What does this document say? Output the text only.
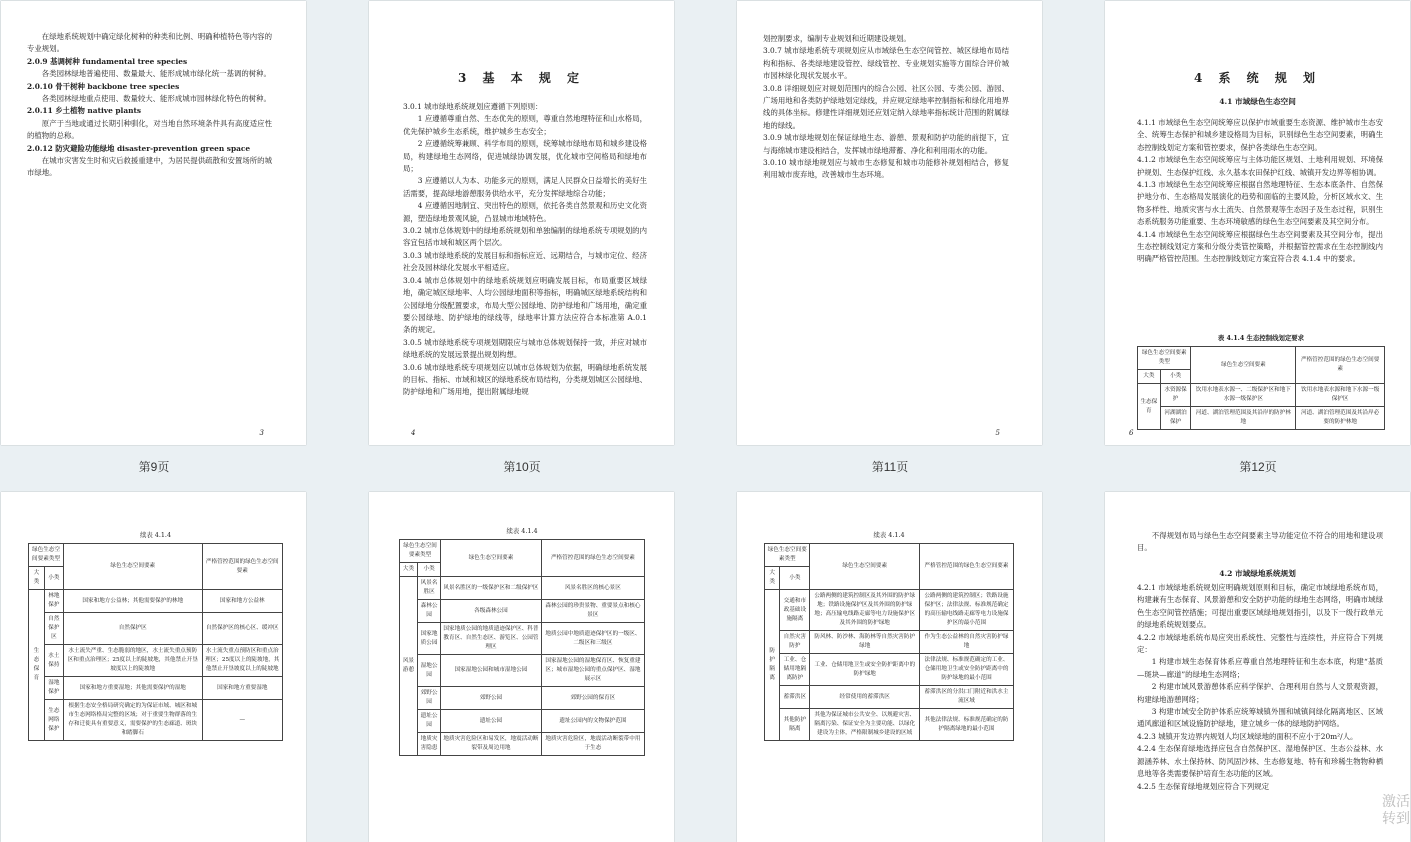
在绿地系统规划中确定绿化树种的种类和比例、明确种植特色等内容的专业规划。

2.0.9 基调树种 fundamental tree species

各类园林绿地普遍使用、数量最大、能形成城市绿化统一基调的树种。

2.0.10 骨干树种 backbone tree species

各类园林绿地重点使用、数量较大、能形成城市园林绿化特色的树种。

2.0.11 乡土植物 native plants

原产于当地或通过长期引种驯化，对当地自然环境条件具有高度适应性的植物的总称。

2.0.12 防灾避险功能绿地 disaster-prevention green space

在城市灾害发生时和灾后救援重建中，为居民提供疏散和安置场所的城市绿地。

3
第9页
3 基 本 规 定

3.0.1 城市绿地系统规划应遵循下列原则：

1 应遵循尊重自然、生态优先的原则，尊重自然地理特征和山水格局，优先保护城乡生态系统，维护城乡生态安全；

2 应遵循统筹兼顾、科学布局的原则，统筹城市绿地布局和城乡建设格局，构建绿地生态网络，促进城绿协调发展，优化城市空间格局和绿地布局；

3 应遵循以人为本、功能多元的原则，满足人民群众日益增长的美好生活需要，提高绿地游憩服务供给水平，充分发挥绿地综合功能；

4 应遵循因地制宜、突出特色的原则，依托各类自然景观和历史文化资源，塑造绿地景观风貌，凸显城市地域特色。

3.0.2 城市总体规划中的绿地系统规划和单独编制的绿地系统专项规划的内容宜包括市域和城区两个层次。

3.0.3 城市绿地系统的发展目标和指标应近、远期结合，与城市定位、经济社会及园林绿化发展水平相适应。

3.0.4 城市总体规划中的绿地系统规划应明确发展目标，布局重要区域绿地，确定城区绿地率、人均公园绿地面积等指标，明确城区绿地系统结构和公园绿地分级配置要求，布局大型公园绿地、防护绿地和广场用地，确定重要公园绿地、防护绿地的绿线等，绿地率计算方法应符合本标准第 A.0.1 条的规定。

3.0.5 城市绿地系统专项规划期限应与城市总体规划保持一致，并应对城市绿地系统的发展远景提出规划构想。

3.0.6 城市绿地系统专项规划应以城市总体规划为依据，明确绿地系统发展的目标、指标、市域和城区的绿地系统布局结构，分类规划城区公园绿地、防护绿地和广场用地，提出附属绿地规

4
第10页

划控制要求，编制专业规划和近期建设规划。

3.0.7 城市绿地系统专项规划应从市域绿色生态空间管控、城区绿地布局结构和指标、各类绿地建设管控、绿线管控、专业规划实施等方面综合评价城市园林绿化现状发展水平。

3.0.8 详细规划应对规划范围内的综合公园、社区公园、专类公园、游园、广场用地和各类防护绿地划定绿线，并应规定绿地率控制指标和绿化用地界线的具体坐标。修建性详细规划还应划定纳入绿地率指标统计范围的附属绿地的绿线。

3.0.9 城市绿地规划在保证绿地生态、游憩、景观和防护功能的前提下，宜与海绵城市建设相结合，发挥城市绿地滞蓄、净化和利用雨水的功能。

3.0.10 城市绿地规划应与城市生态修复和城市功能修补规划相结合，修复利用城市废弃地，改善城市生态环境。

5
第11页
4 系 统 规 划
4.1 市域绿色生态空间

4.1.1 市域绿色生态空间统筹应以保护市域重要生态资源、维护城市生态安全、统筹生态保护和城乡建设格局为目标，识别绿色生态空间要素，明确生态控制线划定方案和管控要求，保护各类绿色生态空间。

4.1.2 市域绿色生态空间统筹应与主体功能区规划、土地利用规划、环境保护规划、生态保护红线、永久基本农田保护红线、城镇开发边界等相协调。

4.1.3 市域绿色生态空间统筹应根据自然地理特征、生态本底条件、自然保护地分布、生态格局发展演化的趋势和面临的主要风险，分析区域水文、生物多样性、地质灾害与水土流失、自然景观等生态因子及生态过程，识别生态系统服务功能重要、生态环境敏感的绿色生态空间要素及其空间分布。

4.1.4 市域绿色生态空间统筹应根据绿色生态空间要素及其空间分布，提出生态控制线划定方案和分级分类管控策略，并根据管控需求在生态控制线内明确严格管控范围。生态控制线划定方案宜符合表 4.1.4 中的要求。

表 4.1.4 生态控制线划定要求
绿色生态空间要素类型		绿色生态空间要素	严格管控范围的绿色生态空间要素
大类	小类		
生态保育	水资源保护	饮用水地表水源一、二级保护区和地下水源一级保护区	饮用水地表水源和地下水源一级保护区
	河湖湖泊保护	河道、湖泊管理范围及其沿岸的防护林地	河道、湖泊管理范围及其沿岸必要的防护林地
6
第12页
续表 4.1.4
绿色生态空间要素类型		绿色生态空间要素	严格管控范围的绿色生态空间要素
大类	小类		
生态保育	林地保护	国家和地方公益林；其他需要保护的林地	国家和地方公益林
	自然保护区	自然保护区	自然保护区的核心区、缓冲区
	水土保持	水土流失严重、生态脆弱的地区，水土流失重点预防区和重点治理区；25度以上的陡坡地，其他禁止开垦坡度以上的陡坡地	水土流失重点预防区和重点治理区；25度以上的陡坡地，其他禁止开垦坡度以上的陡坡地
	湿地保护	国家和地方重要湿地；其他需要保护的湿地	国家和地方重要湿地
	生态网络保护	根据生态安全格局研究确定的为保证市域、城区和城市生态网络格局完整的区域；对于重要生物群落的生存和迁徙具有重要意义，需要保护的生态廊道、斑块和踏脚石	—
续表 4.1.4
绿色生态空间要素类型		绿色生态空间要素	严格管控范围的绿色生态空间要素
大类	小类		
风景游憩	风景名胜区	风景名胜区的一级保护区和二级保护区	风景名胜区的核心景区
	森林公园	各级森林公园	森林公园的珍贵景物、重要景点和核心景区
	国家地质公园	国家地质公园的地质遗迹保护区、科普教育区、自然生态区、游览区、公园管理区	地质公园中地质遗迹保护区的一级区、二级区和三级区
	湿地公园	国家湿地公园和城市湿地公园	国家湿地公园的湿地保育区、恢复重建区；城市湿地公园的重点保护区、湿地展示区
	郊野公园	郊野公园	郊野公园的保育区
	遗址公园	遗址公园	遗址公园内的文物保护范围
	地质灾害隐患	地质灾害危险区和易发区，地震活动断裂带及周边用地	地质灾害危险区，地震活动断裂带中用于生态
续表 4.1.4
绿色生态空间要素类型		绿色生态空间要素	严格管控范围的绿色生态空间要素
大类	小类		
防护隔离	交通和市政基础设施隔离	公路两侧的建筑控制区及其外围的防护绿地；铁路设施保护区及其外围的防护绿地；高压输电线路走廊等电力设施保护区及其外围的防护绿地	公路两侧的建筑控制区；铁路设施保护区；法律法规、标准规范确定的高压输电线路走廊等电力设施保护区的最小范围
	自然灾害防护	防风林、防沙林、海防林等自然灾害防护绿地	作为生态公益林的自然灾害防护绿地
	工业、仓储用地隔离防护	工业、仓储用地卫生或安全防护距离中的防护绿地	法律法规、标准规范确定的工业、仓储用地卫生或安全防护距离中的防护绿地的最小范围
	蓄滞洪区	经常使用的蓄滞洪区	蓄滞洪区的分洪口门附近和洪水主流区域
	其他防护隔离	其他为保证城市公共安全、以规避灾害、隔离污染、保证安全为主要功能、以绿化建设为主体，严格限制城乡建设的区域	其他法律法规、标准规范确定的防护隔离绿地的最小范围

不得规划布局与绿色生态空间要素主导功能定位不符合的用地和建设项目。

4.2 市域绿地系统规划

4.2.1 市域绿地系统规划应明确规划原则和目标，确定市域绿地系统布局，构建兼有生态保育、风景游憩和安全防护功能的绿地生态网络，明确市域绿色生态空间管控措施；可提出重要区域绿地规划指引，以及下一级行政单元的绿地系统规划要点。

4.2.2 市域绿地系统布局应突出系统性、完整性与连续性，并应符合下列规定：

1 构建市域生态保育体系应尊重自然地理特征和生态本底，构建“基质—斑块—廊道”的绿地生态网络；

2 构建市域风景游憩体系应科学保护、合理利用自然与人文景观资源，构建绿地游憩网络；

3 构建市域安全防护体系应统筹城镇外围和城镇间绿化隔离地区、区域通风廊道和区域设施防护绿地，建立城乡一体的绿地防护网络。

4.2.3 城镇开发边界内规划人均区域绿地的面积不应小于20m²/人。

4.2.4 生态保育绿地选择应包含自然保护区、湿地保护区、生态公益林、水源涵养林、水土保持林、防风固沙林、生态修复地、特有和珍稀生物物种栖息地等各类需要保护培育生态功能的区域。

4.2.5 生态保育绿地规划应符合下列规定

激活
转到
